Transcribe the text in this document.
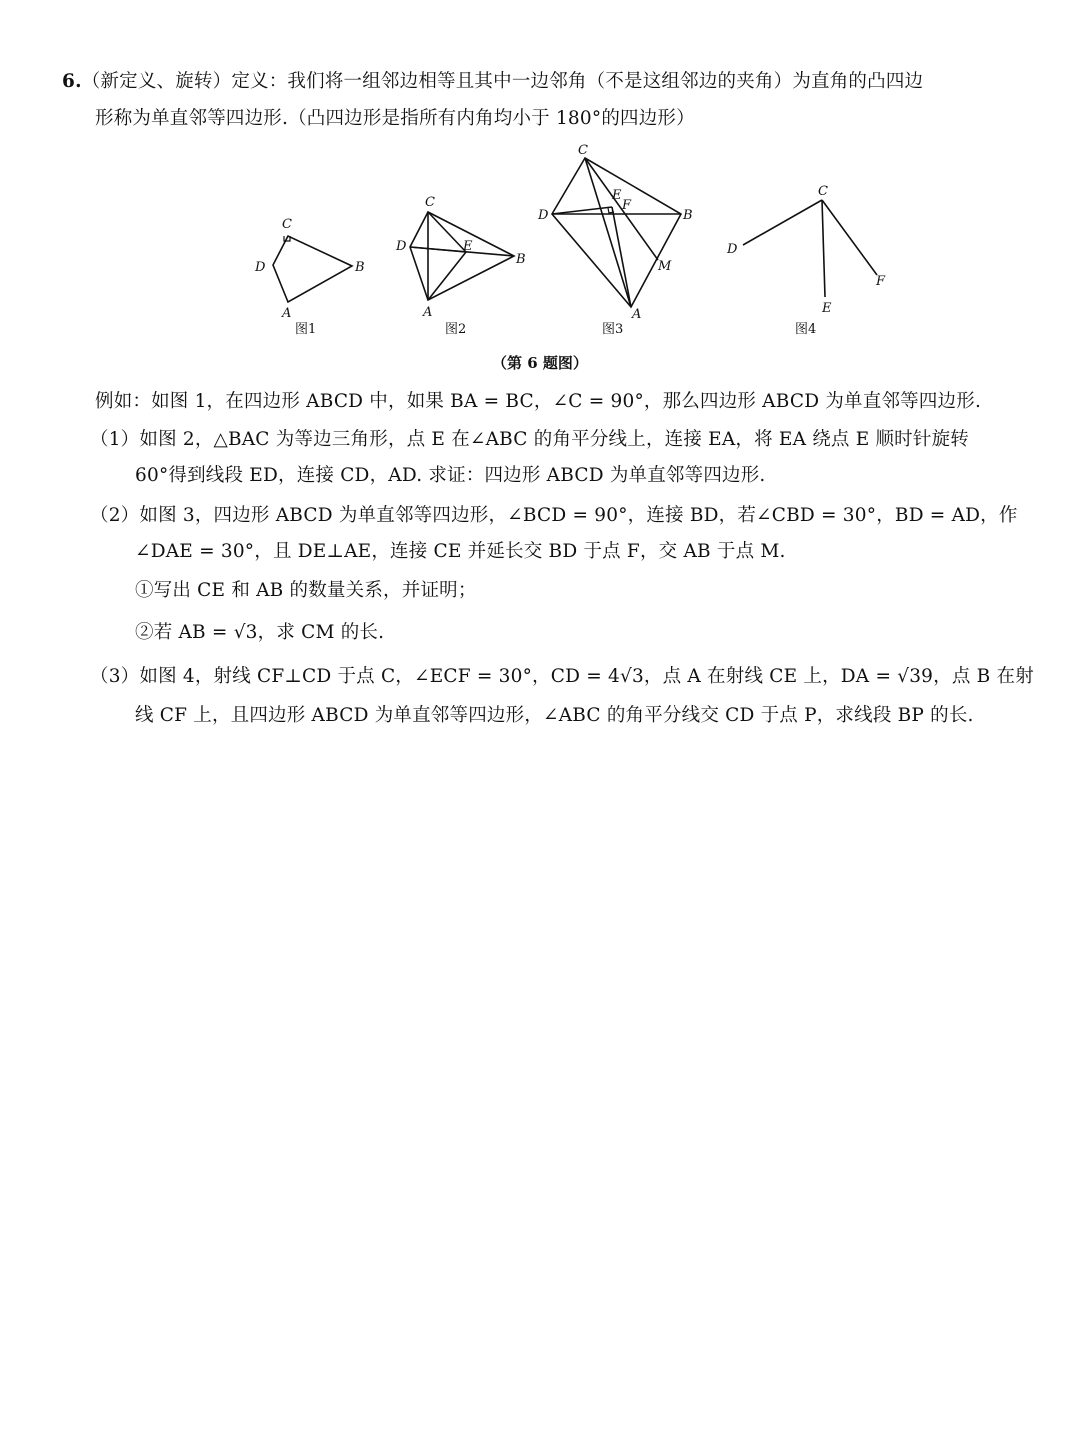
6.（新定义、旋转）定义：我们将一组邻边相等且其中一边邻角（不是这组邻边的夹角）为直角的凸四边
形称为单直邻等四边形.（凸四边形是指所有内角均小于 180°的四边形）
C
D	B
A
图1
C
D	E
B
A
图2
C
E
F
D	B
M
A
图3
C
D
E
F
图4
（第 6 题图）
例如：如图 1，在四边形 ABCD 中，如果 BA = BC，∠C = 90°，那么四边形 ABCD 为单直邻等四边形.
（1）如图 2，△BAC 为等边三角形，点 E 在∠ABC 的角平分线上，连接 EA，将 EA 绕点 E 顺时针旋转
60°得到线段 ED，连接 CD，AD. 求证：四边形 ABCD 为单直邻等四边形.
（2）如图 3，四边形 ABCD 为单直邻等四边形，∠BCD = 90°，连接 BD，若∠CBD = 30°，BD = AD，作
∠DAE = 30°，且 DE⊥AE，连接 CE 并延长交 BD 于点 F，交 AB 于点 M.
①写出 CE 和 AB 的数量关系，并证明；
②若 AB = √3，求 CM 的长.
（3）如图 4，射线 CF⊥CD 于点 C，∠ECF = 30°，CD = 4√3，点 A 在射线 CE 上，DA = √39，点 B 在射
线 CF 上，且四边形 ABCD 为单直邻等四边形，∠ABC 的角平分线交 CD 于点 P，求线段 BP 的长.
